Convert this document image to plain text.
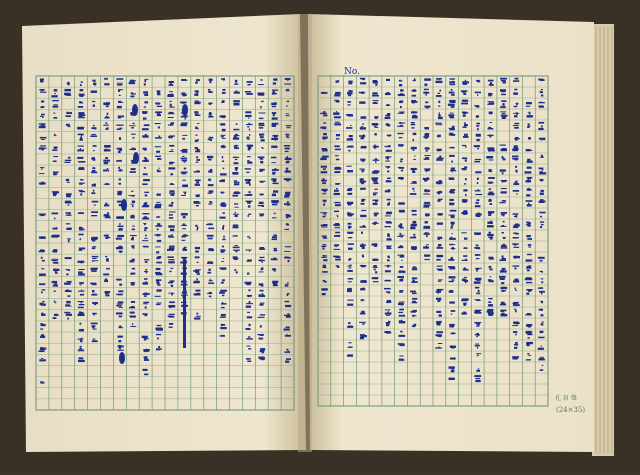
No.
孔 眉 聲
(24×35)
